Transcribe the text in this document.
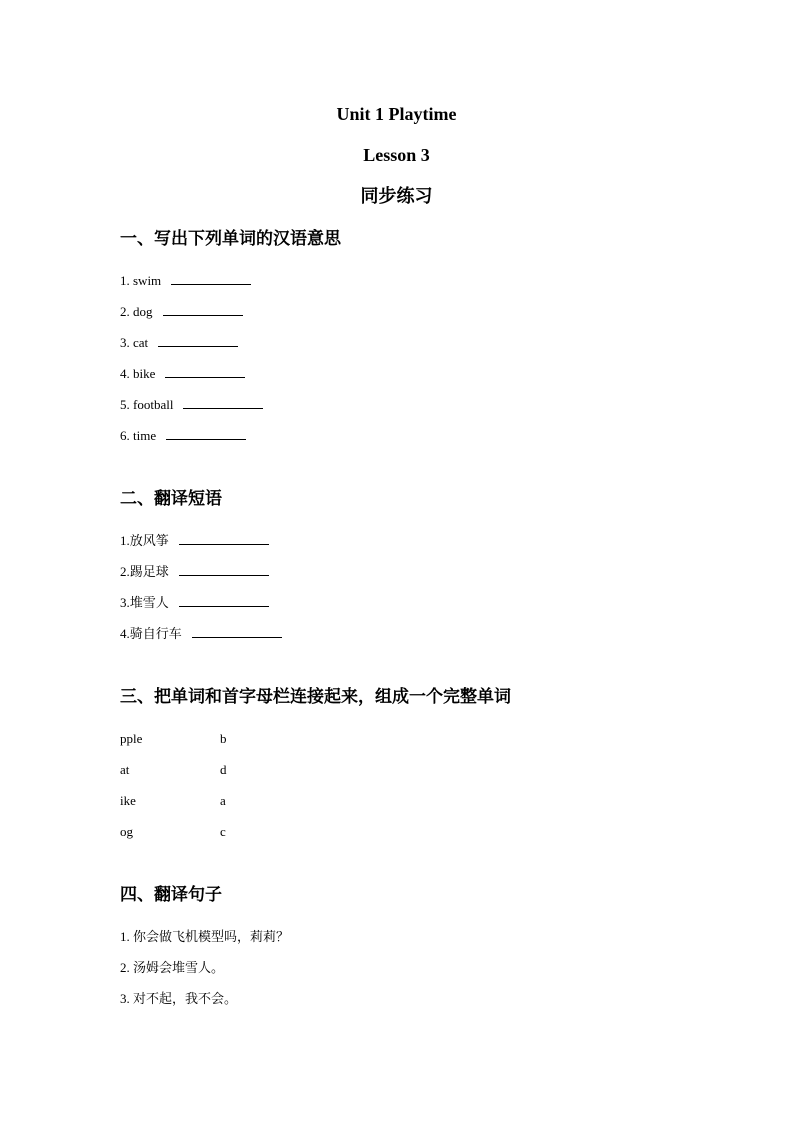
Unit 1 Playtime
Lesson 3
同步练习
一、写出下列单词的汉语意思
1. swim
2. dog
3. cat
4. bike
5. football
6. time
二、翻译短语
1.放风筝
2.踢足球
3.堆雪人
4.骑自行车
三、把单词和首字母栏连接起来，组成一个完整单词
pple	b
at	d
ike	a
og	c
四、翻译句子
1. 你会做飞机模型吗，莉莉？
2. 汤姆会堆雪人。
3. 对不起，我不会。
